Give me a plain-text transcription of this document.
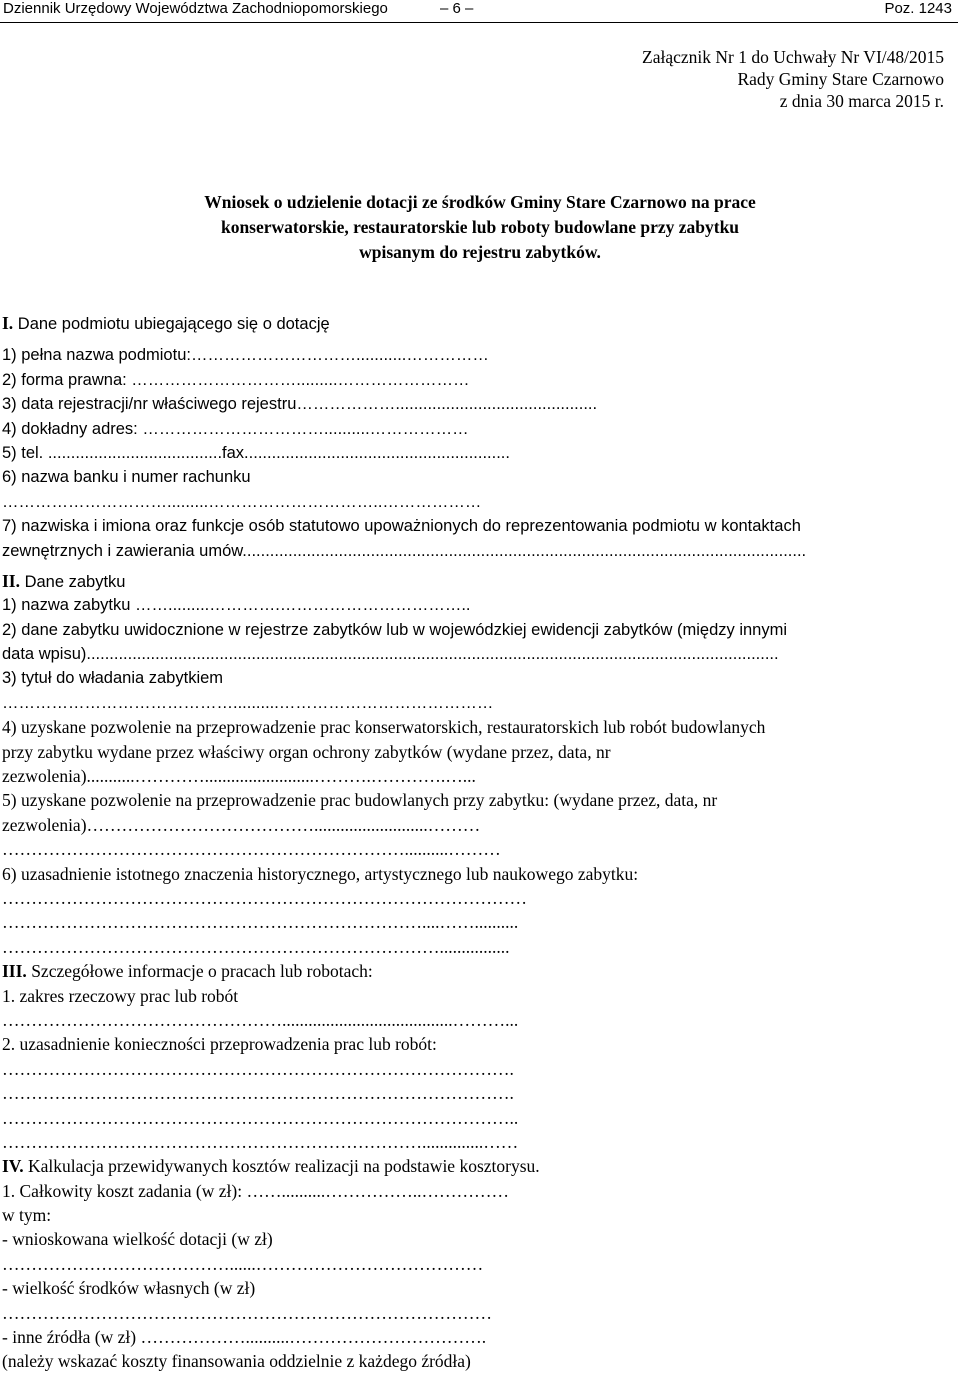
Dziennik Urzędowy Województwa Zachodniopomorskiego	– 6 –	Poz. 1243
Załącznik Nr 1 do Uchwały Nr VI/48/2015
Rady Gminy Stare Czarnowo
z dnia 30 marca 2015 r.
Wniosek o udzielenie dotacji ze środków Gminy Stare Czarnowo na prace
konserwatorskie, restauratorskie lub roboty budowlane przy zabytku
wpisanym do rejestru zabytków.
I. Dane podmiotu ubiegającego się o dotację
1) pełna nazwa podmiotu:…………………………...........……………
2) forma prawna: ………………………….........……………………
3) data rejestracji/nr właściwego rejestru………………............................................
4) dokładny adres: ……………………………..........………………
5) tel. ......................................fax..........................................................
6) nazwa banku i numer rachunku
………………………….........…………………………..………………
7) nazwiska i imiona oraz funkcje osób statutowo upoważnionych do reprezentowania podmiotu w kontaktach
zewnętrznych i zawierania umów...........................................................................................................................
II. Dane zabytku
1) nazwa zabytku …….........………….……………………………..
2) dane zabytku uwidocznione w rejestrze zabytków lub w wojewódzkiej ewidencji zabytków (między innymi
data wpisu).......................................................................................................................................................
3) tytuł do władania zabytkiem
……………………………………..........…………………………………
4) uzyskane pozwolenie na przeprowadzenie prac konserwatorskich, restauratorskich lub robót budowlanych
przy zabytku wydane przez właściwy organ ochrony zabytków (wydane przez, data, nr
zezwolenia)...........………….........................……….………….…...
5) uzyskane pozwolenie na przeprowadzenie prac budowlanych przy zabytku: (wydane przez, data, nr
zezwolenia)…………………………………..........................………
……………………………………………………………..........………
6) uzasadnienie istotnego znaczenia historycznego, artystycznego lub naukowego zabytku:
………………………………………………………………………………
………………………………………………………………....……..........
…………………………………………………………………................
III. Szczegółowe informacje o pracach lub robotach:
1. zakres rzeczowy prac lub robót
………………………………………….......................................………...
2. uzasadnienie konieczności przeprowadzenia prac lub robót:
…………………………………………………………………………….
…………………………………………………………………………….
……………………………………………………………………………..
………………………………………………………………..............……
IV. Kalkulacja przewidywanych kosztów realizacji na podstawie kosztorysu.
1. Całkowity koszt zadania (w zł): ……..........……………..……………
w tym:
- wnioskowana wielkość dotacji (w zł)
…………………………………......…………………………………
- wielkość środków własnych (w zł)
…………………………………………………………………………
- inne źródła (w zł) ………………..........…………………………….
(należy wskazać koszty finansowania oddzielnie z każdego źródła)
